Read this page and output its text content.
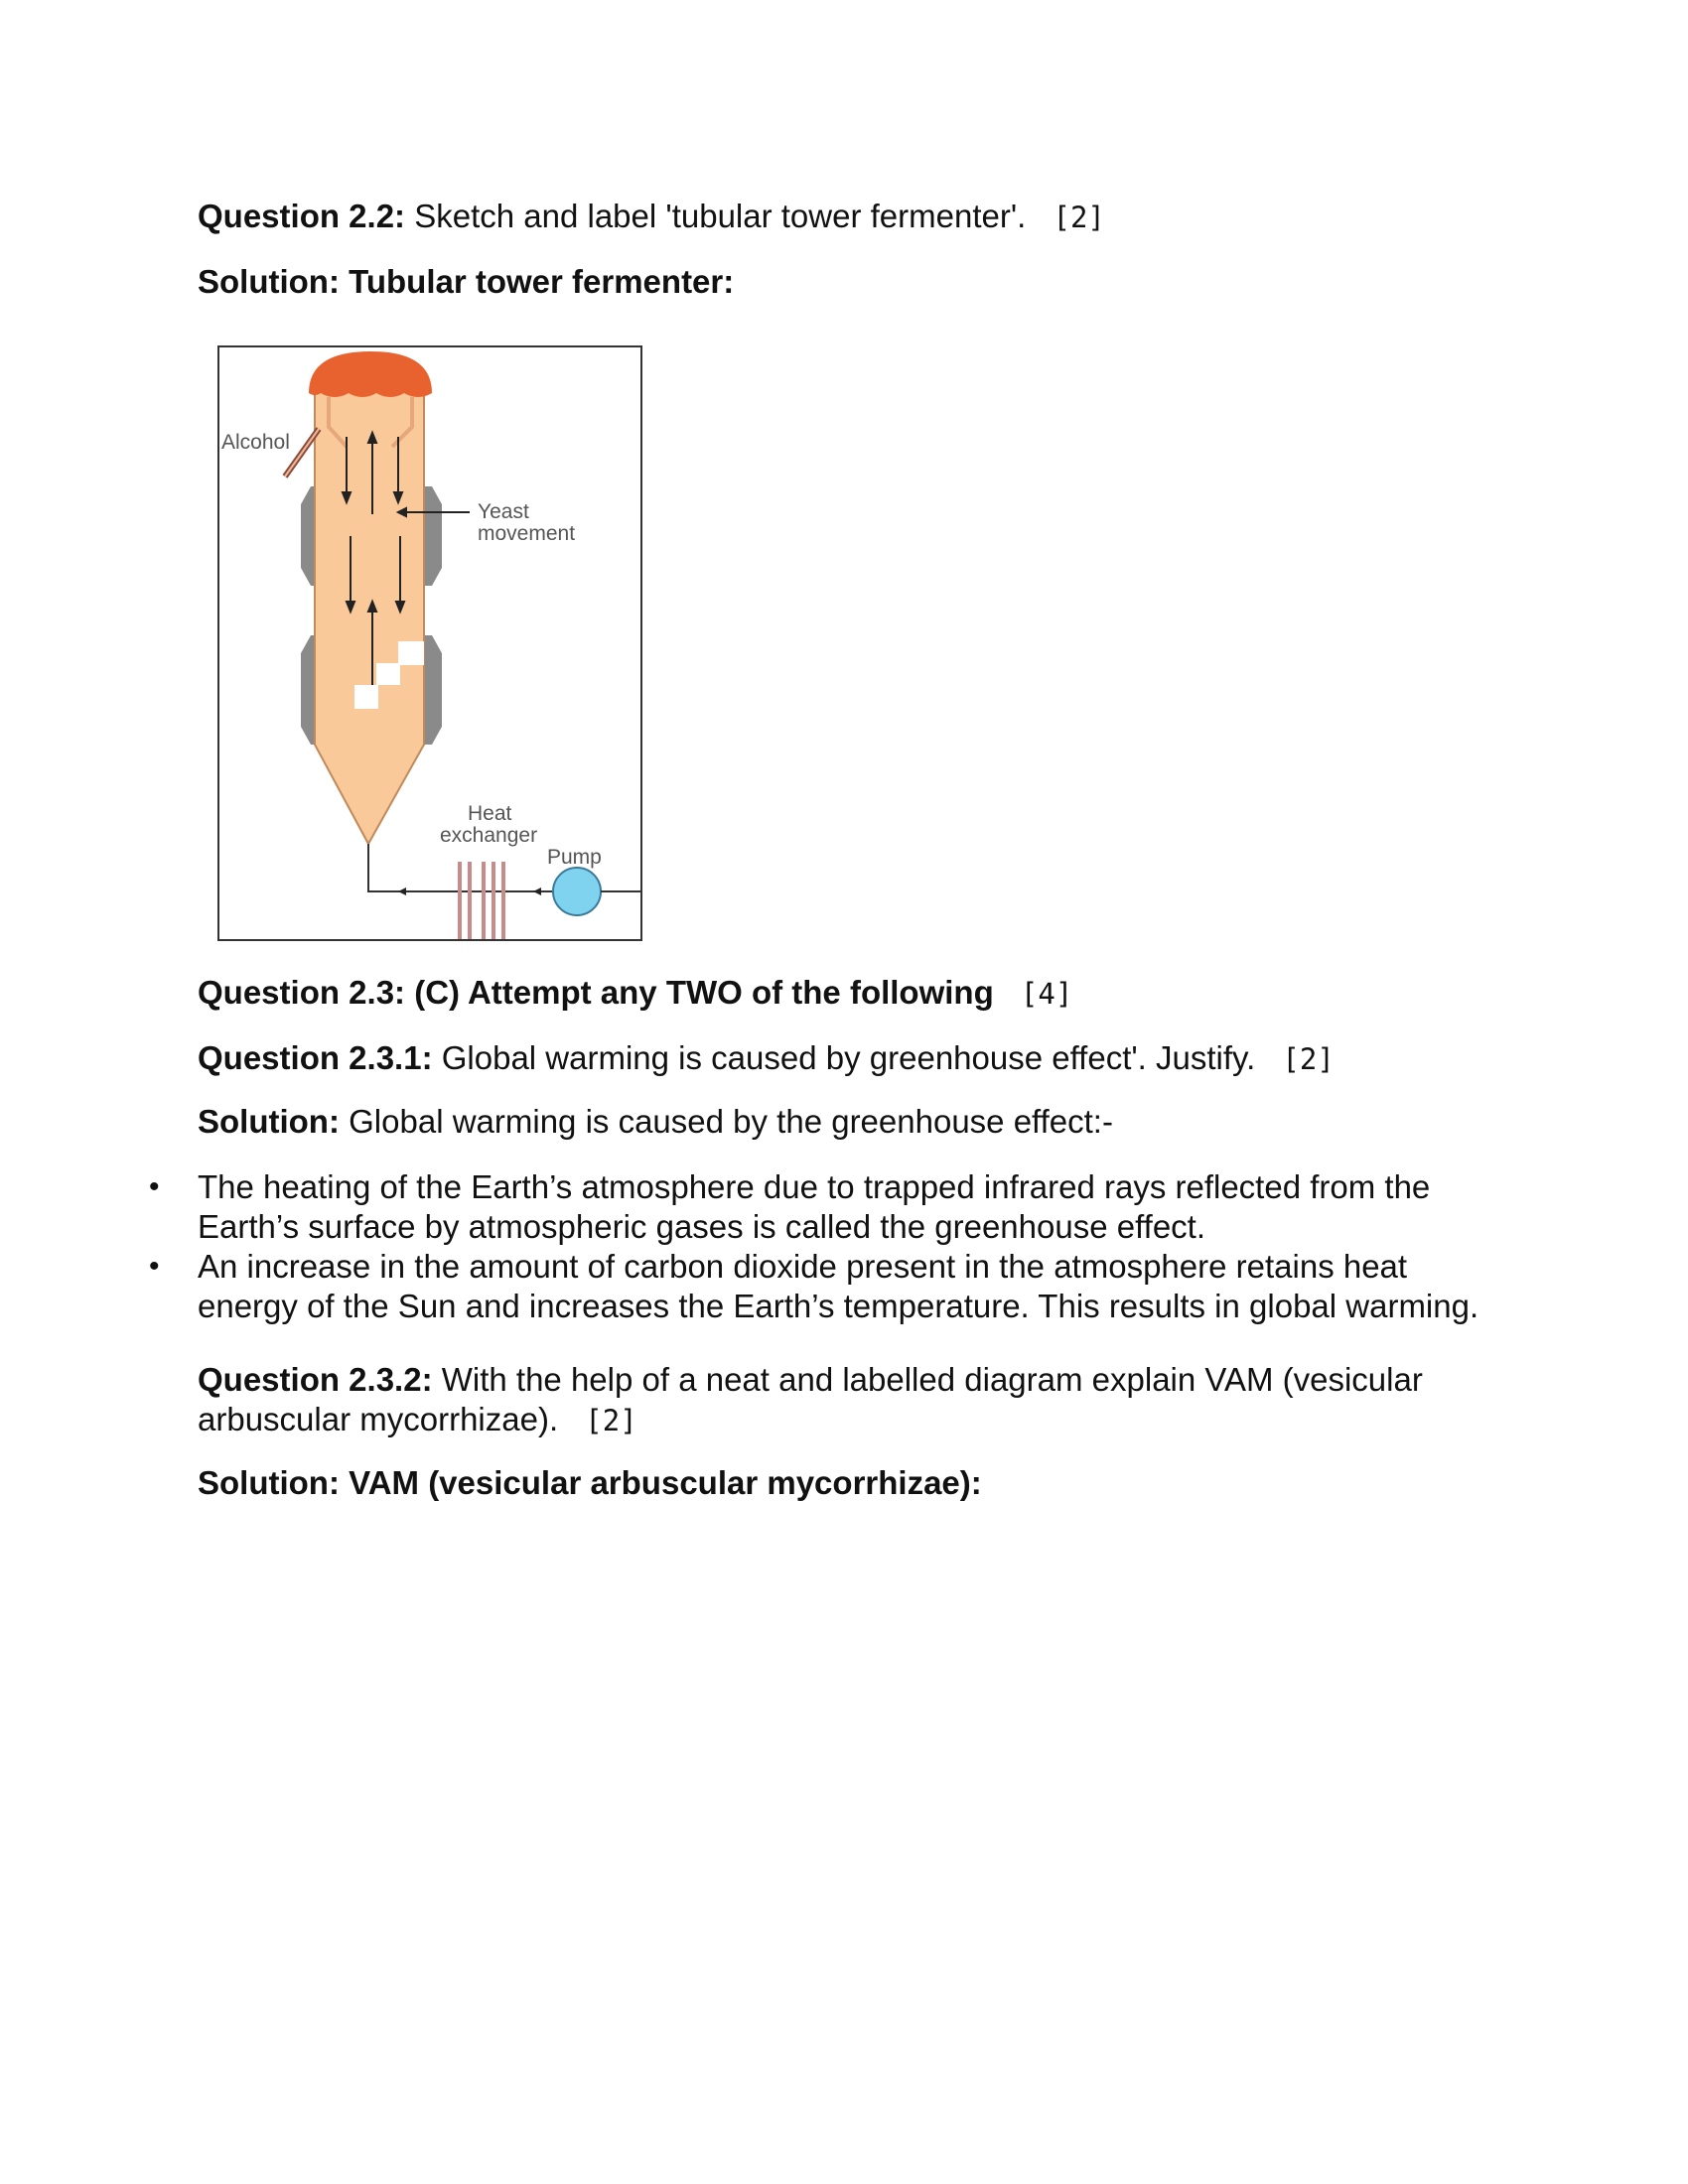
Question 2.2: Sketch and label 'tubular tower fermenter'. [2]
Solution: Tubular tower fermenter:
Alcohol
Yeast
movement
Heat
exchanger
Pump
Question 2.3: (C) Attempt any TWO of the following [4]
Question 2.3.1: Global warming is caused by greenhouse effect'. Justify. [2]
Solution: Global warming is caused by the greenhouse effect:-
• The heating of the Earth’s atmosphere due to trapped infrared rays reflected from the Earth’s surface by atmospheric gases is called the greenhouse effect.
• An increase in the amount of carbon dioxide present in the atmosphere retains heat energy of the Sun and increases the Earth’s temperature. This results in global warming.
Question 2.3.2: With the help of a neat and labelled diagram explain VAM (vesicular
arbuscular mycorrhizae). [2]
Solution: VAM (vesicular arbuscular mycorrhizae):
